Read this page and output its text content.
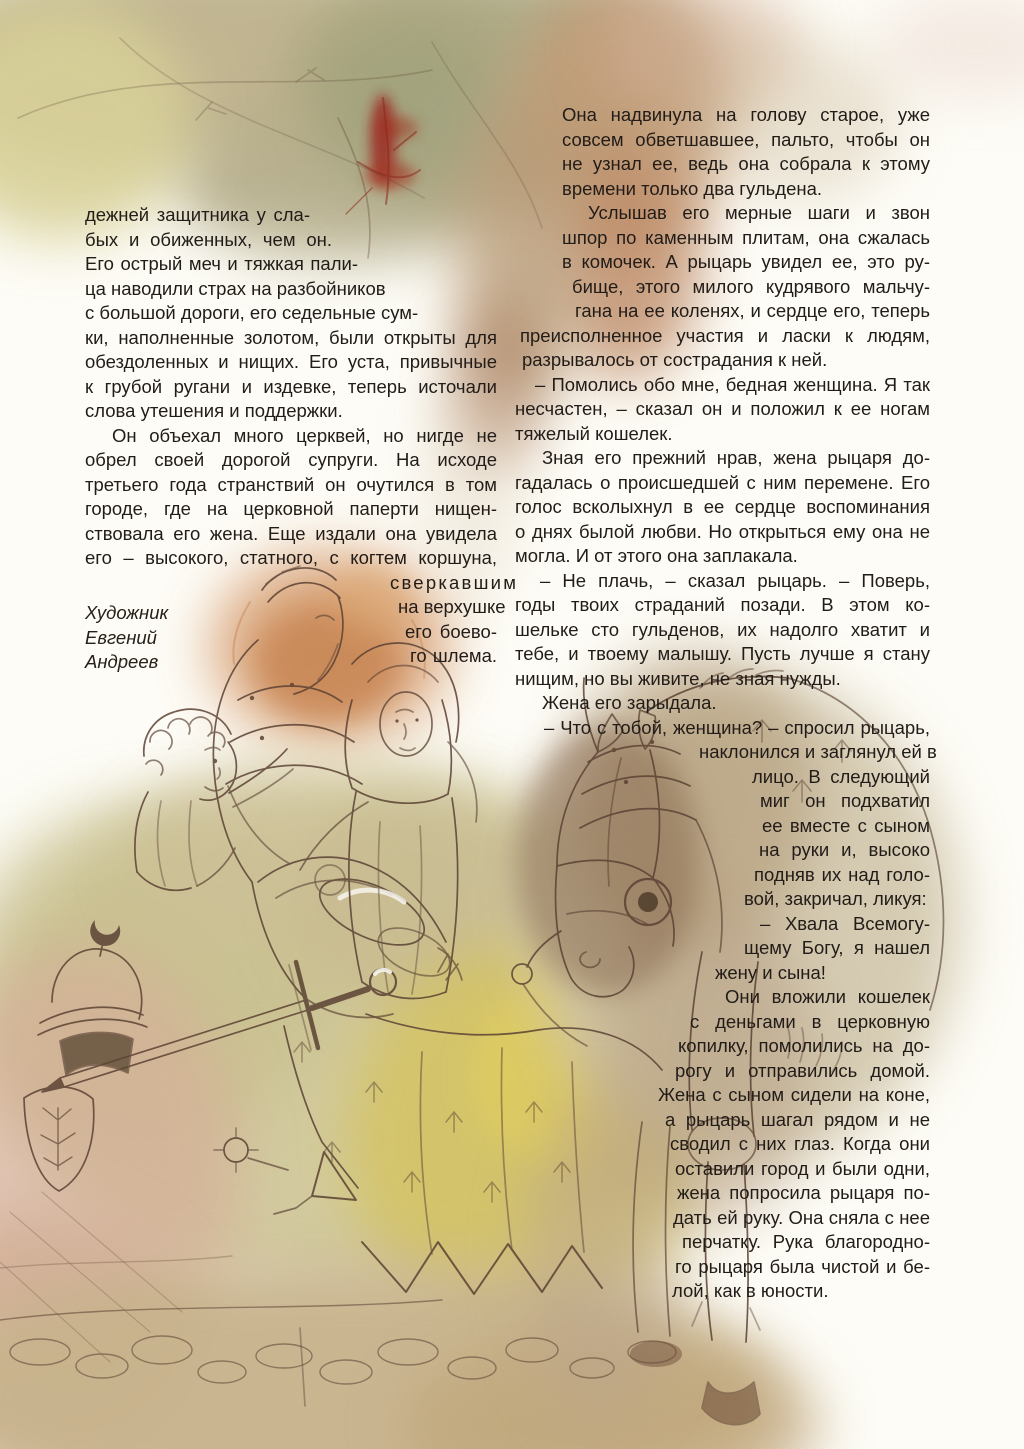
дежней защитника у сла-
бых и обиженных, чем он.
Его острый меч и тяжкая пали-
ца наводили страх на разбойников
с большой дороги, его седельные сум-
ки, наполненные золотом, были открыты для
обездоленных и нищих. Его уста, привычные
к грубой ругани и издевке, теперь источали
слова утешения и поддержки.
Он объехал много церквей, но нигде не
обрел своей дорогой супруги. На исходе
третьего года странствий он очутился в том
городе, где на церковной паперти нищен-
ствовала его жена. Еще издали она увидела
его – высокого, статного, с когтем коршуна,
сверкавшим
на верхушке
его боево-
го шлема.
Художник
Евгений
Андреев
Она надвинула на голову старое, уже
совсем обветшавшее, пальто, чтобы он
не узнал ее, ведь она собрала к этому
времени только два гульдена.
Услышав его мерные шаги и звон
шпор по каменным плитам, она сжалась
в комочек. А рыцарь увидел ее, это ру-
бище, этого милого кудрявого мальчу-
гана на ее коленях, и сердце его, теперь
преисполненное участия и ласки к людям,
разрывалось от сострадания к ней.
– Помолись обо мне, бедная женщина. Я так
несчастен, – сказал он и положил к ее ногам
тяжелый кошелек.
Зная его прежний нрав, жена рыцаря до-
гадалась о происшедшей с ним перемене. Его
голос всколыхнул в ее сердце воспоминания
о днях былой любви. Но открыться ему она не
могла. И от этого она заплакала.
– Не плачь, – сказал рыцарь. – Поверь,
годы твоих страданий позади. В этом ко-
шельке сто гульденов, их надолго хватит и
тебе, и твоему малышу. Пусть лучше я стану
нищим, но вы живите, не зная нужды.
Жена его зарыдала.
– Что с тобой, женщина? – спросил рыцарь,
наклонился и заглянул ей в
лицо. В следующий
миг он подхватил
ее вместе с сыном
на руки и, высоко
подняв их над голо-
вой, закричал, ликуя:
– Хвала Всемогу-
щему Богу, я нашел
жену и сына!
Они вложили кошелек
с деньгами в церковную
копилку, помолились на до-
рогу и отправились домой.
Жена с сыном сидели на коне,
а рыцарь шагал рядом и не
сводил с них глаз. Когда они
оставили город и были одни,
жена попросила рыцаря по-
дать ей руку. Она сняла с нее
перчатку. Рука благородно-
го рыцаря была чистой и бе-
лой, как в юности.
